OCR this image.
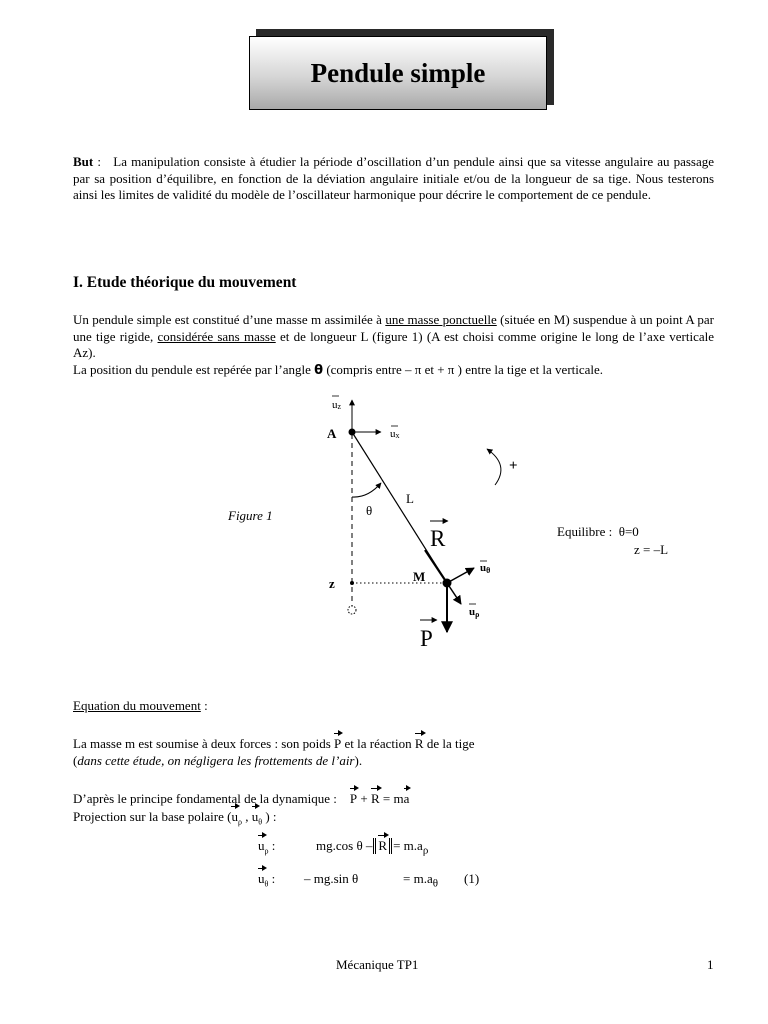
Pendule simple
But : La manipulation consiste à étudier la période d’oscillation d’un pendule ainsi que sa vitesse angulaire au passage par sa position d’équilibre, en fonction de la déviation angulaire initiale et/ou de la longueur de sa tige. Nous testerons ainsi les limites de validité du modèle de l’oscillateur harmonique pour décrire le comportement de ce pendule.
I. Etude théorique du mouvement
Un pendule simple est constitué d’une masse m assimilée à une masse ponctuelle (située en M) suspendue à un point A par une tige rigide, considérée sans masse et de longueur L (figure 1) (A est choisi comme origine le long de l’axe verticale Az).
La position du pendule est repérée par l’angle θ (compris entre – π et + π ) entre la tige et la verticale.
Figure 1
uz
ux
A
+
L
θ
R
M
z
uθ
uρ
P
Equilibre : θ=0
z = –L
Equation du mouvement :
La masse m est soumise à deux forces : son poids P et la réaction R de la tige
(dans cette étude, on négligera les frottements de l’air).
D’après le principe fondamental de la dynamique : P + R = ma
Projection sur la base polaire ($u_\rho$ , $u_\theta$ ) :
$u_\rho$ :	mg.cos $\theta - R = m.a_\rho$
$u_\theta$ : – mg.sin θ	= $m.a_\theta$ (1)
Mécanique TP1	1
